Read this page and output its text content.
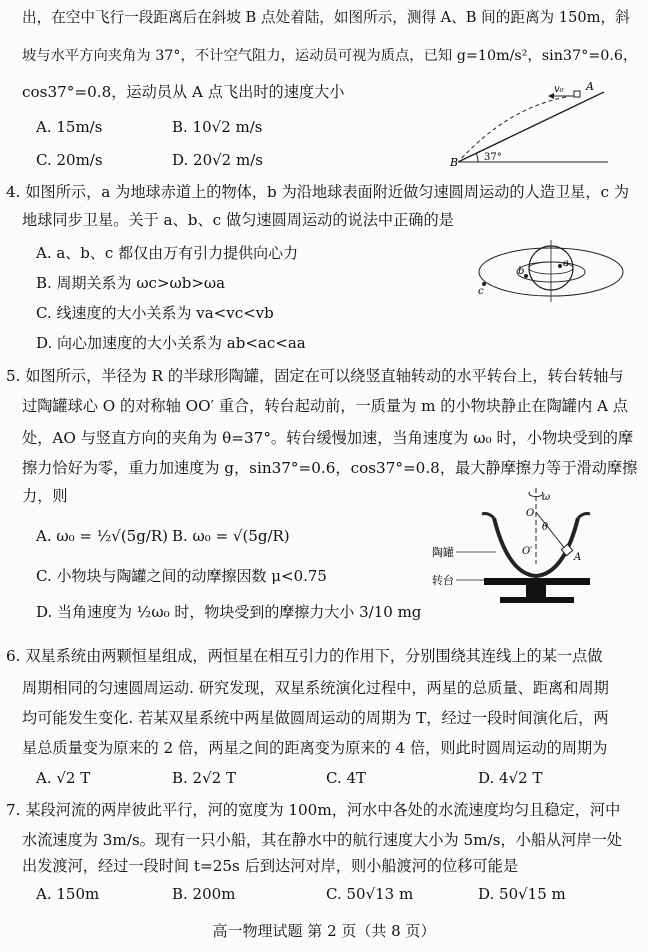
出，在空中飞行一段距离后在斜坡 B 点处着陆，如图所示，测得 A、B 间的距离为 150m，斜
坡与水平方向夹角为 37°，不计空气阻力，运动员可视为质点，已知 g=10m/s²，sin37°=0.6，
cos37°=0.8，运动员从 A 点飞出时的速度大小
A. 15m/s	B. 10√2 m/s
C. 20m/s	D. 20√2 m/s
v₀ A
B	37°
4. 如图所示，a 为地球赤道上的物体，b 为沿地球表面附近做匀速圆周运动的人造卫星，c 为
地球同步卫星。关于 a、b、c 做匀速圆周运动的说法中正确的是
A. a、b、c 都仅由万有引力提供向心力
B. 周期关系为 ωc>ωb>ωa
C. 线速度的大小关系为 va<vc<vb
D. 向心加速度的大小关系为 ab<ac<aa
a
b
c
5. 如图所示，半径为 R 的半球形陶罐，固定在可以绕竖直轴转动的水平转台上，转台转轴与
过陶罐球心 O 的对称轴 OO′ 重合，转台起动前，一质量为 m 的小物块静止在陶罐内 A 点
处，AO 与竖直方向的夹角为 θ=37°。转台缓慢加速，当角速度为 ω₀ 时，小物块受到的摩
擦力恰好为零，重力加速度为 g，sin37°=0.6，cos37°=0.8，最大静摩擦力等于滑动摩擦
力，则
A. ω₀ = ½√(5g/R) B. ω₀ = √(5g/R)
C. 小物块与陶罐之间的动摩擦因数 μ<0.75
D. 当角速度为 ½ω₀ 时，物块受到的摩擦力大小 3/10 mg
ω
O
θ
O′
A
陶罐
转台
6. 双星系统由两颗恒星组成，两恒星在相互引力的作用下，分别围绕其连线上的某一点做
周期相同的匀速圆周运动. 研究发现，双星系统演化过程中，两星的总质量、距离和周期
均可能发生变化. 若某双星系统中两星做圆周运动的周期为 T，经过一段时间演化后，两
星总质量变为原来的 2 倍，两星之间的距离变为原来的 4 倍，则此时圆周运动的周期为
A. √2 T	B. 2√2 T	C. 4T	D. 4√2 T
7. 某段河流的两岸彼此平行，河的宽度为 100m，河水中各处的水流速度均匀且稳定，河中
水流速度为 3m/s。现有一只小船，其在静水中的航行速度大小为 5m/s，小船从河岸一处
出发渡河，经过一段时间 t=25s 后到达河对岸，则小船渡河的位移可能是
A. 150m	B. 200m	C. 50√13 m	D. 50√15 m
高一物理试题 第 2 页（共 8 页）
